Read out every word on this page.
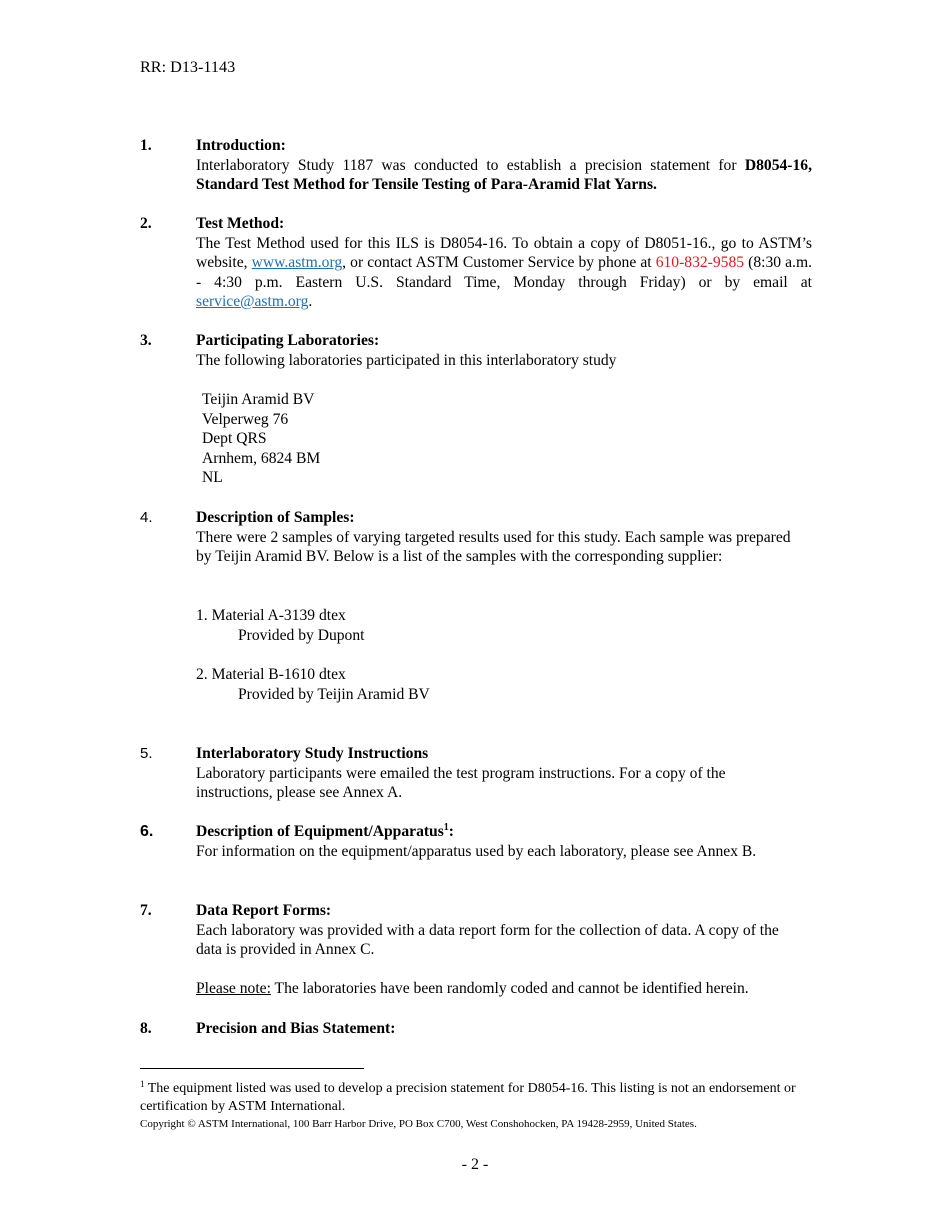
RR: D13-1143
1.	Introduction:
Interlaboratory Study 1187 was conducted to establish a precision statement for D8054-16, Standard Test Method for Tensile Testing of Para-Aramid Flat Yarns.
2.	Test Method:
The Test Method used for this ILS is D8054-16. To obtain a copy of D8051-16., go to ASTM’s website, www.astm.org, or contact ASTM Customer Service by phone at 610-832-9585 (8:30 a.m. - 4:30 p.m. Eastern U.S. Standard Time, Monday through Friday) or by email at service@astm.org.
3.	Participating Laboratories:
The following laboratories participated in this interlaboratory study
Teijin Aramid BV
Velperweg 76
Dept QRS
Arnhem, 6824 BM
NL
4.	Description of Samples:
There were 2 samples of varying targeted results used for this study. Each sample was prepared by Teijin Aramid BV. Below is a list of the samples with the corresponding supplier:
1. Material A-3139 dtex
Provided by Dupont
2. Material B-1610 dtex
Provided by Teijin Aramid BV
5.	Interlaboratory Study Instructions
Laboratory participants were emailed the test program instructions. For a copy of the instructions, please see Annex A.
6.	Description of Equipment/Apparatus$^1$:
For information on the equipment/apparatus used by each laboratory, please see Annex B.
7.	Data Report Forms:
Each laboratory was provided with a data report form for the collection of data. A copy of the data is provided in Annex C.
Please note: The laboratories have been randomly coded and cannot be identified herein.
8.	Precision and Bias Statement:
$^1$ The equipment listed was used to develop a precision statement for D8054-16. This listing is not an endorsement or certification by ASTM International.
Copyright © ASTM International, 100 Barr Harbor Drive, PO Box C700, West Conshohocken, PA 19428-2959, United States.
- 2 -
